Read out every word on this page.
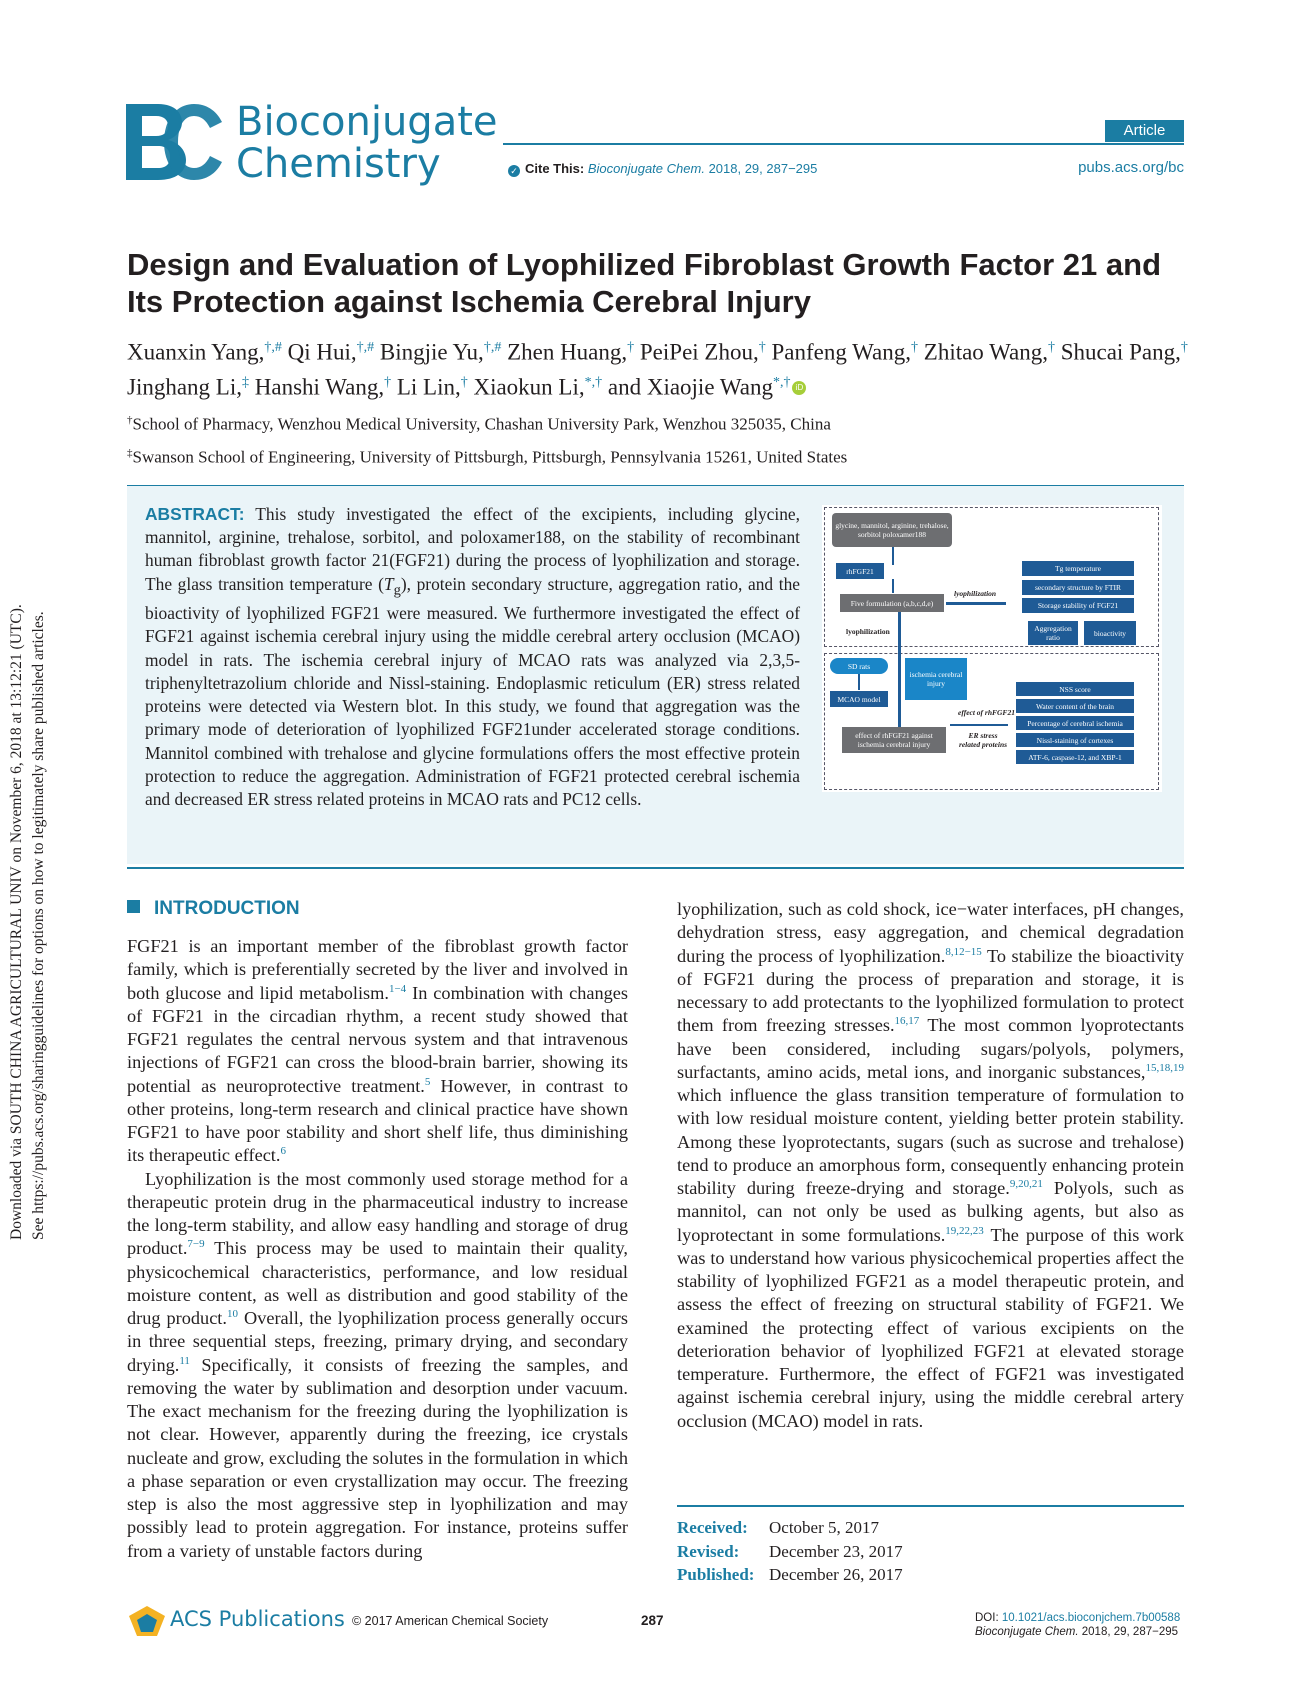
Downloaded via SOUTH CHINA AGRICULTURAL UNIV on November 6, 2018 at 13:12:21 (UTC). See https://pubs.acs.org/sharingguidelines for options on how to legitimately share published articles.
Bioconjugate
Chemistry
Article
✓ Cite This: Bioconjugate Chem. 2018, 29, 287−295	pubs.acs.org/bc
Design and Evaluation of Lyophilized Fibroblast Growth Factor 21 and Its Protection against Ischemia Cerebral Injury
Xuanxin Yang,†,# Qi Hui,†,# Bingjie Yu,†,# Zhen Huang,† PeiPei Zhou,† Panfeng Wang,† Zhitao Wang,† Shucai Pang,† Jinghang Li,‡ Hanshi Wang,† Li Lin,† Xiaokun Li,*,† and Xiaojie Wang*,† iD
†School of Pharmacy, Wenzhou Medical University, Chashan University Park, Wenzhou 325035, China
‡Swanson School of Engineering, University of Pittsburgh, Pittsburgh, Pennsylvania 15261, United States
ABSTRACT: This study investigated the effect of the excipients, including glycine, mannitol, arginine, trehalose, sorbitol, and poloxamer188, on the stability of recombinant human fibroblast growth factor 21(FGF21) during the process of lyophilization and storage. The glass transition temperature $(T_g)$, protein secondary structure, aggregation ratio, and the bioactivity of lyophilized FGF21 were measured. We furthermore investigated the effect of FGF21 against ischemia cerebral injury using the middle cerebral artery occlusion (MCAO) model in rats. The ischemia cerebral injury of MCAO rats was analyzed via 2,3,5-triphenyltetrazolium chloride and Nissl-staining. Endoplasmic reticulum (ER) stress related proteins were detected via Western blot. In this study, we found that aggregation was the primary mode of deterioration of lyophilized FGF21under accelerated storage conditions. Mannitol combined with trehalose and glycine formulations offers the most effective protein protection to reduce the aggregation. Administration of FGF21 protected cerebral ischemia and decreased ER stress related proteins in MCAO rats and PC12 cells.
glycine, mannitol, arginine, trehalose, sorbitol poloxamer188
rhFGF21
Five formulation (a,b,c,d,e)
lyophilization
lyophilization
Tg temperature
secondary structure by FTIR
Storage stability of FGF21
Aggregation ratio	bioactivity
SD rats
MCAO model
ischemia cerebral injury
effect of rhFGF21 against ischemia cerebral injury
effect of rhFGF21
ER stress related proteins
NSS score
Water content of the brain
Percentage of cerebral ischemia
Nissl-staining of cortexes
ATF-6, caspase-12, and XBP-1
INTRODUCTION

FGF21 is an important member of the fibroblast growth factor family, which is preferentially secreted by the liver and involved in both glucose and lipid metabolism.$^{1-4}$ In combination with changes of FGF21 in the circadian rhythm, a recent study showed that FGF21 regulates the central nervous system and that intravenous injections of FGF21 can cross the blood-brain barrier, showing its potential as neuroprotective treatment.$^5$ However, in contrast to other proteins, long-term research and clinical practice have shown FGF21 to have poor stability and short shelf life, thus diminishing its therapeutic effect.$^6$

Lyophilization is the most commonly used storage method for a therapeutic protein drug in the pharmaceutical industry to increase the long-term stability, and allow easy handling and storage of drug product.$^{7-9}$ This process may be used to maintain their quality, physicochemical characteristics, performance, and low residual moisture content, as well as distribution and good stability of the drug product.$^{10}$ Overall, the lyophilization process generally occurs in three sequential steps, freezing, primary drying, and secondary drying.$^{11}$ Specifically, it consists of freezing the samples, and removing the water by sublimation and desorption under vacuum. The exact mechanism for the freezing during the lyophilization is not clear. However, apparently during the freezing, ice crystals nucleate and grow, excluding the solutes in the formulation in which a phase separation or even crystallization may occur. The freezing step is also the most aggressive step in lyophilization and may possibly lead to protein aggregation. For instance, proteins suffer from a variety of unstable factors during

lyophilization, such as cold shock, ice−water interfaces, pH changes, dehydration stress, easy aggregation, and chemical degradation during the process of lyophilization.$^{8,12-15}$ To stabilize the bioactivity of FGF21 during the process of preparation and storage, it is necessary to add protectants to the lyophilized formulation to protect them from freezing stresses.$^{16,17}$ The most common lyoprotectants have been considered, including sugars/polyols, polymers, surfactants, amino acids, metal ions, and inorganic substances,$^{15,18,19}$ which influence the glass transition temperature of formulation to with low residual moisture content, yielding better protein stability. Among these lyoprotectants, sugars (such as sucrose and trehalose) tend to produce an amorphous form, consequently enhancing protein stability during freeze-drying and storage.$^{9,20,21}$ Polyols, such as mannitol, can not only be used as bulking agents, but also as lyoprotectant in some formulations.$^{19,22,23}$ The purpose of this work was to understand how various physicochemical properties affect the stability of lyophilized FGF21 as a model therapeutic protein, and assess the effect of freezing on structural stability of FGF21. We examined the protecting effect of various excipients on the deterioration behavior of lyophilized FGF21 at elevated storage temperature. Furthermore, the effect of FGF21 was investigated against ischemia cerebral injury, using the middle cerebral artery occlusion (MCAO) model in rats.

Received: October 5, 2017
Revised: December 23, 2017
Published: December 26, 2017
ACS Publications © 2017 American Chemical Society	287	DOI: 10.1021/acs.bioconjchem.7b00588
Bioconjugate Chem. 2018, 29, 287−295
